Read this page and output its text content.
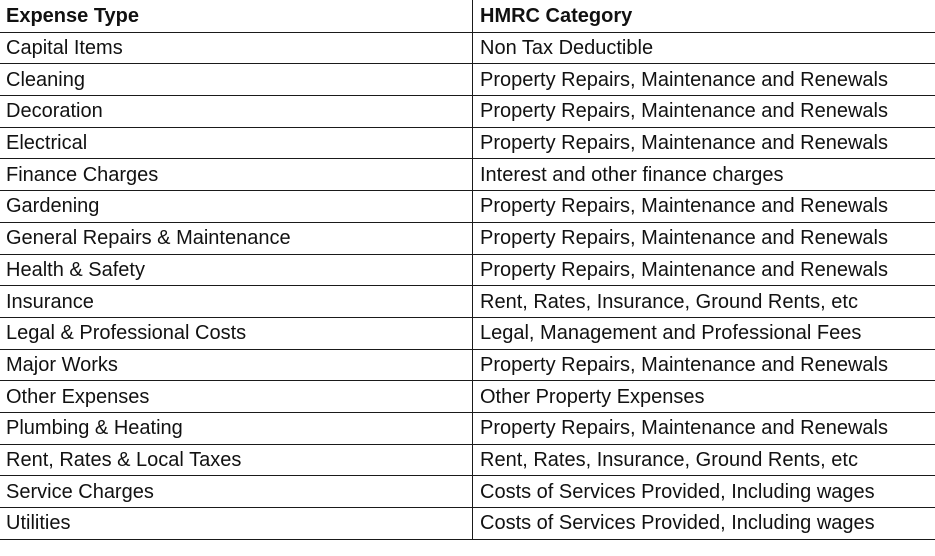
Expense Type	HMRC Category
Capital Items	Non Tax Deductible
Cleaning	Property Repairs, Maintenance and Renewals
Decoration	Property Repairs, Maintenance and Renewals
Electrical	Property Repairs, Maintenance and Renewals
Finance Charges	Interest and other finance charges
Gardening	Property Repairs, Maintenance and Renewals
General Repairs & Maintenance	Property Repairs, Maintenance and Renewals
Health & Safety	Property Repairs, Maintenance and Renewals
Insurance	Rent, Rates, Insurance, Ground Rents, etc
Legal & Professional Costs	Legal, Management and Professional Fees
Major Works	Property Repairs, Maintenance and Renewals
Other Expenses	Other Property Expenses
Plumbing & Heating	Property Repairs, Maintenance and Renewals
Rent, Rates & Local Taxes	Rent, Rates, Insurance, Ground Rents, etc
Service Charges	Costs of Services Provided, Including wages
Utilities	Costs of Services Provided, Including wages
